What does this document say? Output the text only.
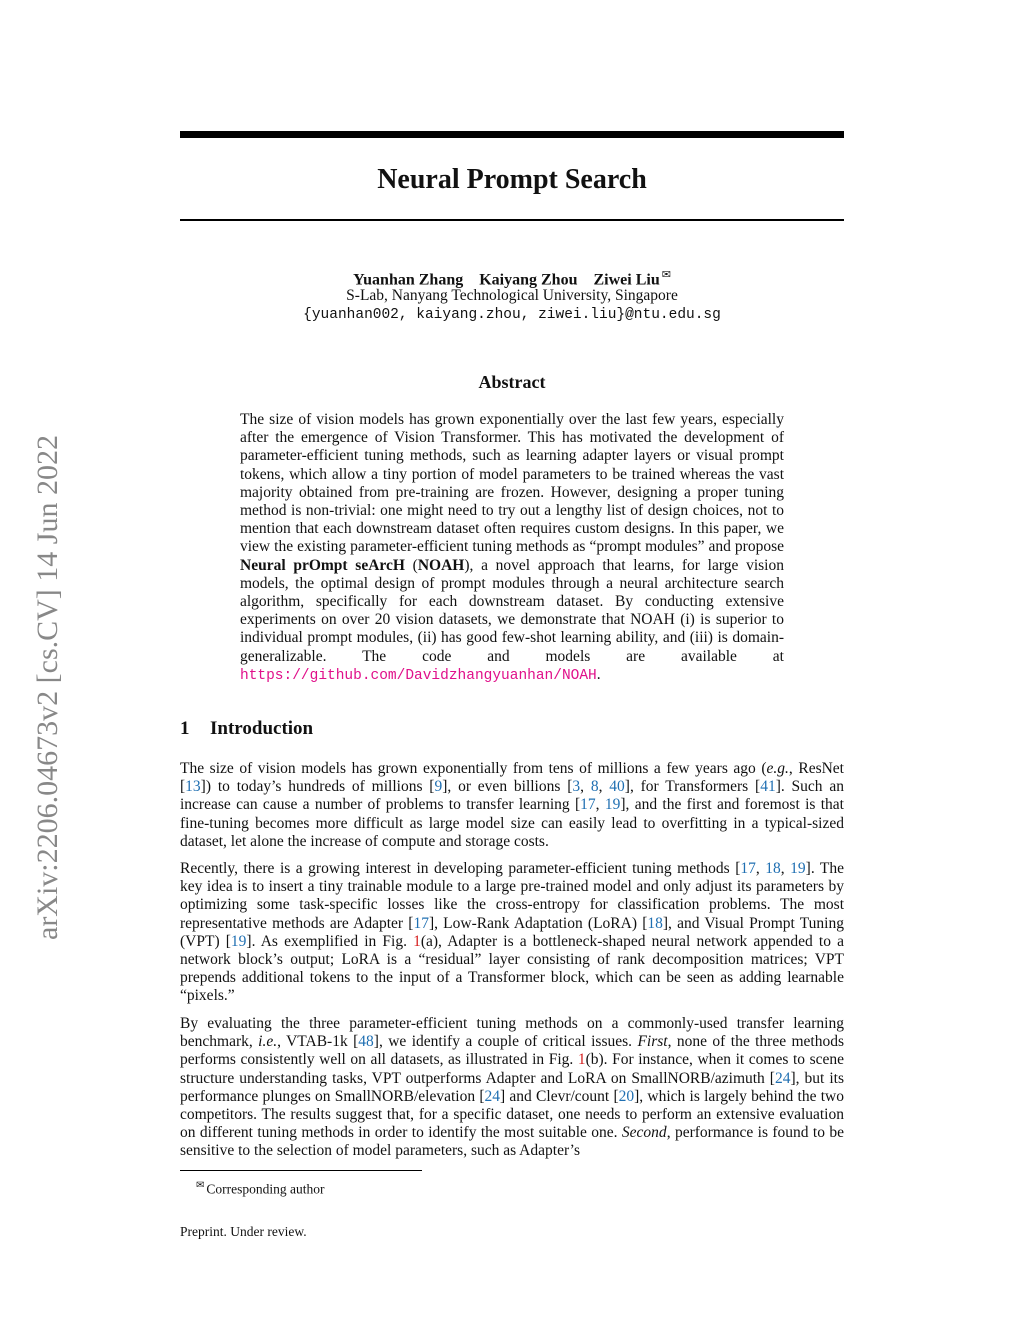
arXiv:2206.04673v2 [cs.CV] 14 Jun 2022
Neural Prompt Search
Yuanhan Zhang Kaiyang Zhou Ziwei Liu ✉
S-Lab, Nanyang Technological University, Singapore
{yuanhan002, kaiyang.zhou, ziwei.liu}@ntu.edu.sg
Abstract

The size of vision models has grown exponentially over the last few years, especially after the emergence of Vision Transformer. This has motivated the development of parameter-efficient tuning methods, such as learning adapter layers or visual prompt tokens, which allow a tiny portion of model parameters to be trained whereas the vast majority obtained from pre-training are frozen. However, designing a proper tuning method is non-trivial: one might need to try out a lengthy list of design choices, not to mention that each downstream dataset often requires custom designs. In this paper, we view the existing parameter-efficient tuning methods as “prompt modules” and propose Neural prOmpt seArcH (NOAH), a novel approach that learns, for large vision models, the optimal design of prompt modules through a neural architecture search algorithm, specifically for each downstream dataset. By conducting extensive experiments on over 20 vision datasets, we demonstrate that NOAH (i) is superior to individual prompt modules, (ii) has good few-shot learning ability, and (iii) is domain-generalizable. The code and models are available at https://github.com/Davidzhangyuanhan/NOAH.

1 Introduction

The size of vision models has grown exponentially from tens of millions a few years ago (e.g., ResNet [13]) to today’s hundreds of millions [9], or even billions [3, 8, 40], for Transformers [41]. Such an increase can cause a number of problems to transfer learning [17, 19], and the first and foremost is that fine-tuning becomes more difficult as large model size can easily lead to overfitting in a typical-sized dataset, let alone the increase of compute and storage costs.

Recently, there is a growing interest in developing parameter-efficient tuning methods [17, 18, 19]. The key idea is to insert a tiny trainable module to a large pre-trained model and only adjust its parameters by optimizing some task-specific losses like the cross-entropy for classification problems. The most representative methods are Adapter [17], Low-Rank Adaptation (LoRA) [18], and Visual Prompt Tuning (VPT) [19]. As exemplified in Fig. 1(a), Adapter is a bottleneck-shaped neural network appended to a network block’s output; LoRA is a “residual” layer consisting of rank decomposition matrices; VPT prepends additional tokens to the input of a Transformer block, which can be seen as adding learnable “pixels.”

By evaluating the three parameter-efficient tuning methods on a commonly-used transfer learning benchmark, i.e., VTAB-1k [48], we identify a couple of critical issues. First, none of the three methods performs consistently well on all datasets, as illustrated in Fig. 1(b). For instance, when it comes to scene structure understanding tasks, VPT outperforms Adapter and LoRA on SmallNORB/azimuth [24], but its performance plunges on SmallNORB/elevation [24] and Clevr/count [20], which is largely behind the two competitors. The results suggest that, for a specific dataset, one needs to perform an extensive evaluation on different tuning methods in order to identify the most suitable one. Second, performance is found to be sensitive to the selection of model parameters, such as Adapter’s

✉ Corresponding author
Preprint. Under review.
